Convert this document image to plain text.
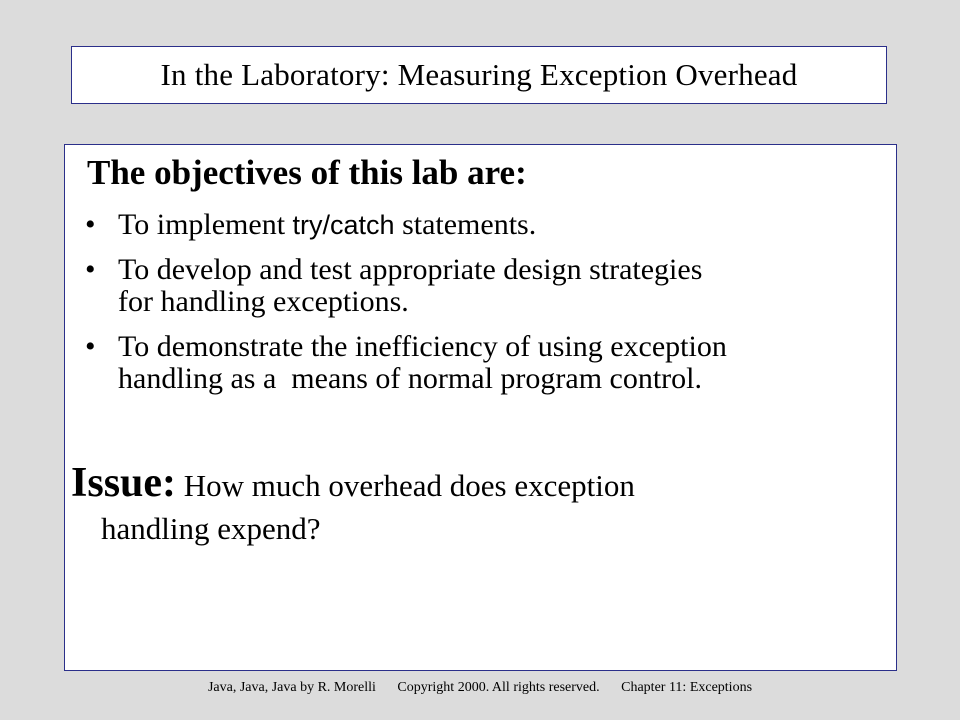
In the Laboratory: Measuring Exception Overhead
The objectives of this lab are:
• To implement try/catch statements.
• To develop and test appropriate design strategies
for handling exceptions.
• To demonstrate the inefficiency of using exception
handling as a  means of normal program control.
Issue: How much overhead does exception
handling expend?
Java, Java, Java by R. Morelli Copyright 2000. All rights reserved. Chapter 11: Exceptions
